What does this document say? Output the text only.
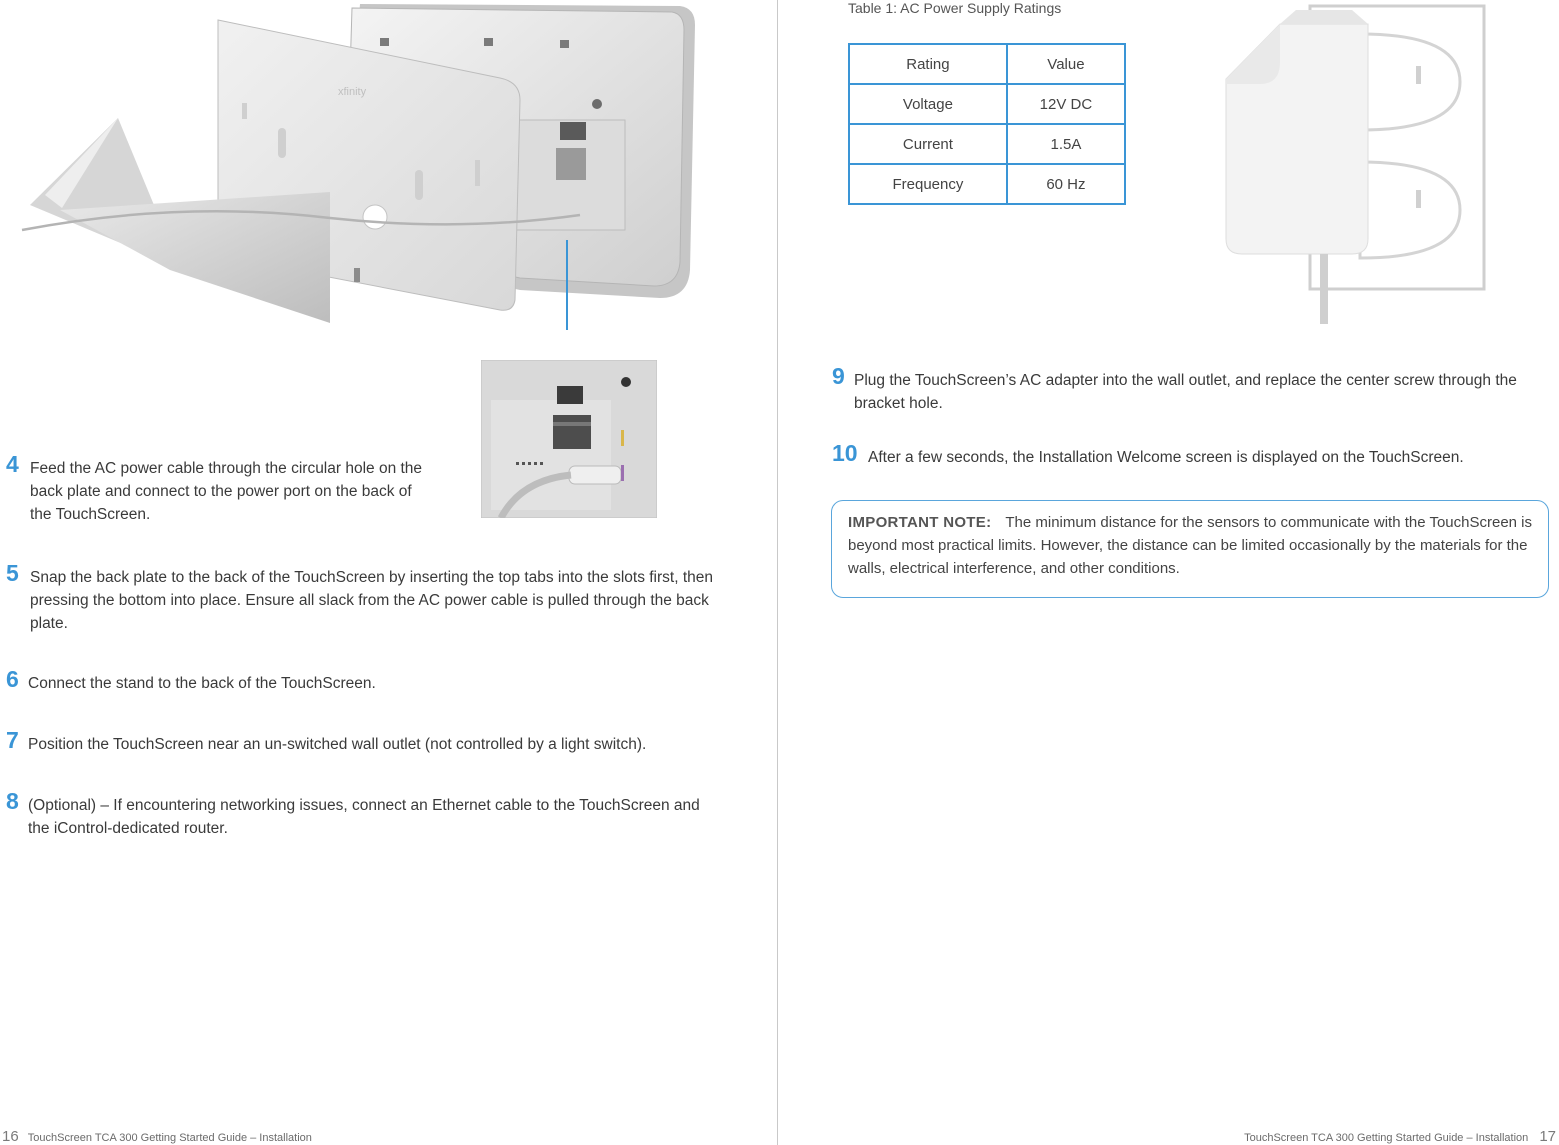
xfinity
4 Feed the AC power cable through the circular hole on the back plate and connect to the power port on the back of the TouchScreen.
5 Snap the back plate to the back of the TouchScreen by inserting the top tabs into the slots first, then pressing the bottom into place. Ensure all slack from the AC power cable is pulled through the back plate.
6 Connect the stand to the back of the TouchScreen.
7 Position the TouchScreen near an un-switched wall outlet (not controlled by a light switch).
8 (Optional) – If encountering networking issues, connect an Ethernet cable to the TouchScreen and the iControl-dedicated router.
16 TouchScreen TCA 300 Getting Started Guide – Installation
Table 1: AC Power Supply Ratings
Rating	Value
Voltage	12V DC
Current	1.5A
Frequency	60 Hz
9 Plug the TouchScreen’s AC adapter into the wall outlet, and replace the center screw through the bracket hole.
10 After a few seconds, the Installation Welcome screen is displayed on the TouchScreen.
IMPORTANT NOTE: The minimum distance for the sensors to communicate with the TouchScreen is beyond most practical limits. However, the distance can be limited occasionally by the materials for the walls, electrical interference, and other conditions.
TouchScreen TCA 300 Getting Started Guide – Installation 17
